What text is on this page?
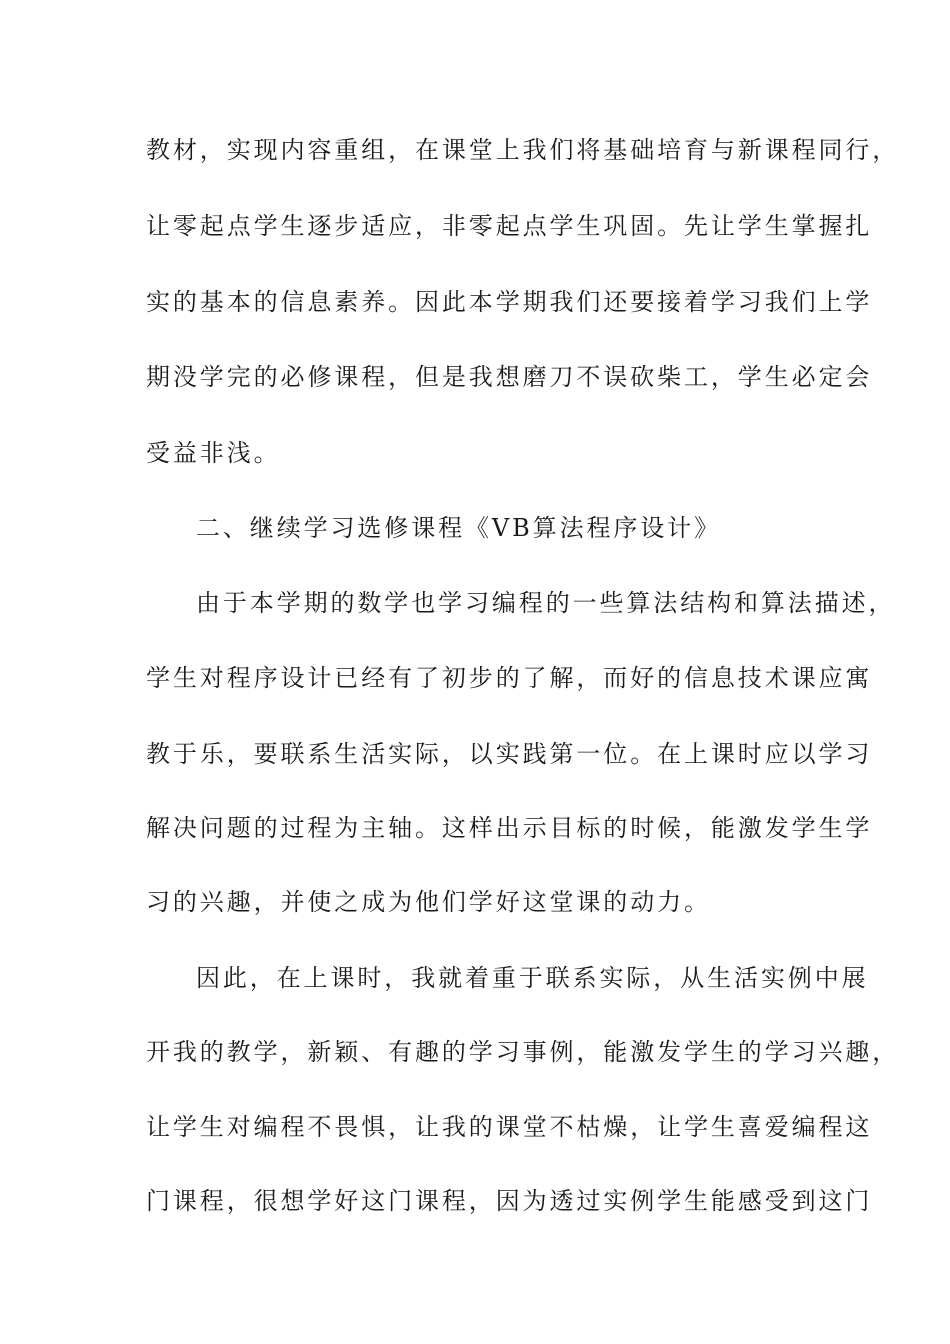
教材，实现内容重组，在课堂上我们将基础培育与新课程同行，
让零起点学生逐步适应，非零起点学生巩固。先让学生掌握扎
实的基本的信息素养。因此本学期我们还要接着学习我们上学
期没学完的必修课程，但是我想磨刀不误砍柴工，学生必定会
受益非浅。
二、继续学习选修课程《VB算法程序设计》
由于本学期的数学也学习编程的一些算法结构和算法描述，
学生对程序设计已经有了初步的了解，而好的信息技术课应寓
教于乐，要联系生活实际，以实践第一位。在上课时应以学习
解决问题的过程为主轴。这样出示目标的时候，能激发学生学
习的兴趣，并使之成为他们学好这堂课的动力。
因此，在上课时，我就着重于联系实际，从生活实例中展
开我的教学，新颖、有趣的学习事例，能激发学生的学习兴趣，
让学生对编程不畏惧，让我的课堂不枯燥，让学生喜爱编程这
门课程，很想学好这门课程，因为透过实例学生能感受到这门
